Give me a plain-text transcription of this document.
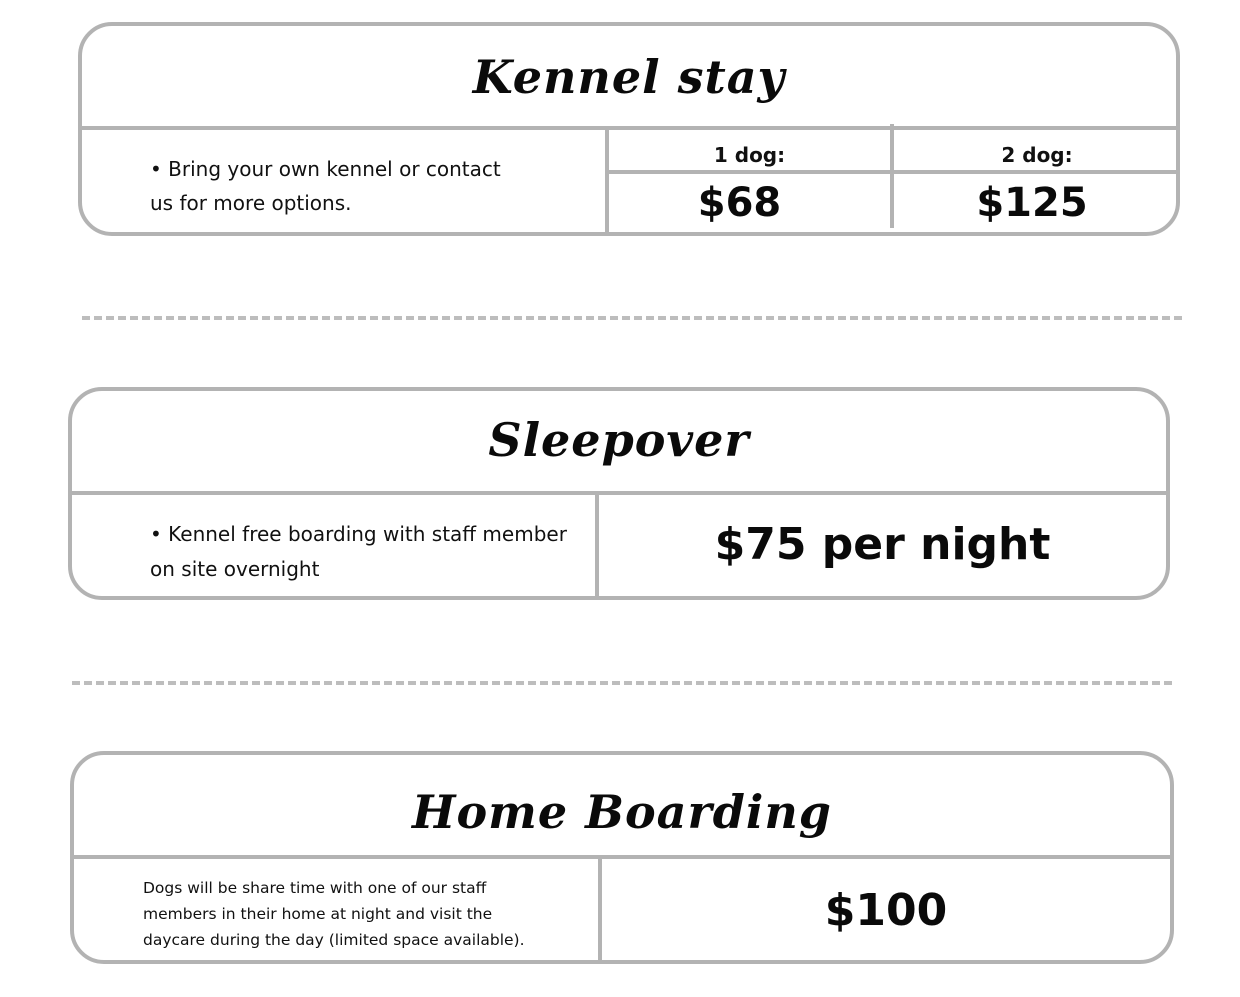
Kennel stay
• Bring your own kennel or contact us for more options.
1 dog:	2 dog:
$68	$125
Sleepover
• Kennel free boarding with staff member on site overnight	$75 per night
Home Boarding
Dogs will be share time with one of our staff members in their home at night and visit the daycare during the day (limited space available).
$100
